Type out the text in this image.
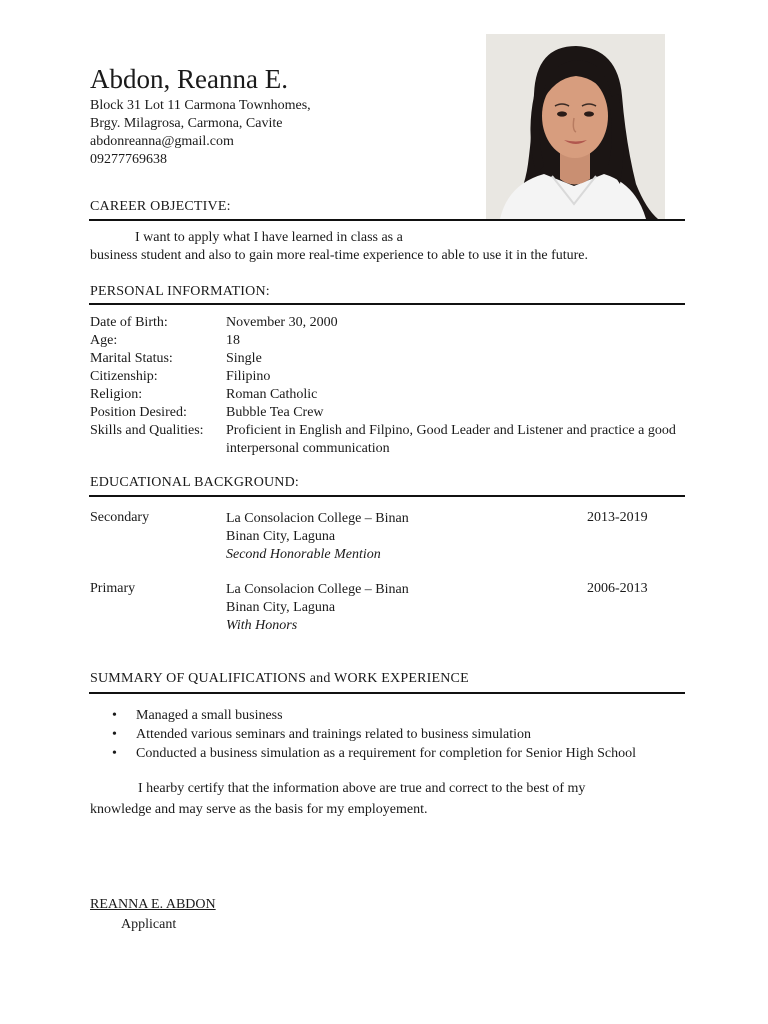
Abdon, Reanna E.
Block 31 Lot 11 Carmona Townhomes,
Brgy. Milagrosa, Carmona, Cavite
abdonreanna@gmail.com
09277769638
CAREER OBJECTIVE:
I want to apply what I have learned in class as a
business student and also to gain more real-time experience to able to use it in the future.
PERSONAL INFORMATION:
Date of Birth:	November 30, 2000
Age:	18
Marital Status:	Single
Citizenship:	Filipino
Religion:	Roman Catholic
Position Desired:	Bubble Tea Crew
Skills and Qualities:	Proficient in English and Filpino, Good Leader and Listener and practice a good interpersonal communication
EDUCATIONAL BACKGROUND:
Secondary	La Consolacion College – Binan
Binan City, Laguna
Second Honorable Mention
2013-2019
Primary	La Consolacion College – Binan
Binan City, Laguna
With Honors
2006-2013
SUMMARY OF QUALIFICATIONS and WORK EXPERIENCE
•	Managed a small business
•	Attended various seminars and trainings related to business simulation
•	Conducted a business simulation as a requirement for completion for Senior High School
I hearby certify that the information above are true and correct to the best of my
knowledge and may serve as the basis for my employement.
REANNA E. ABDON
Applicant
